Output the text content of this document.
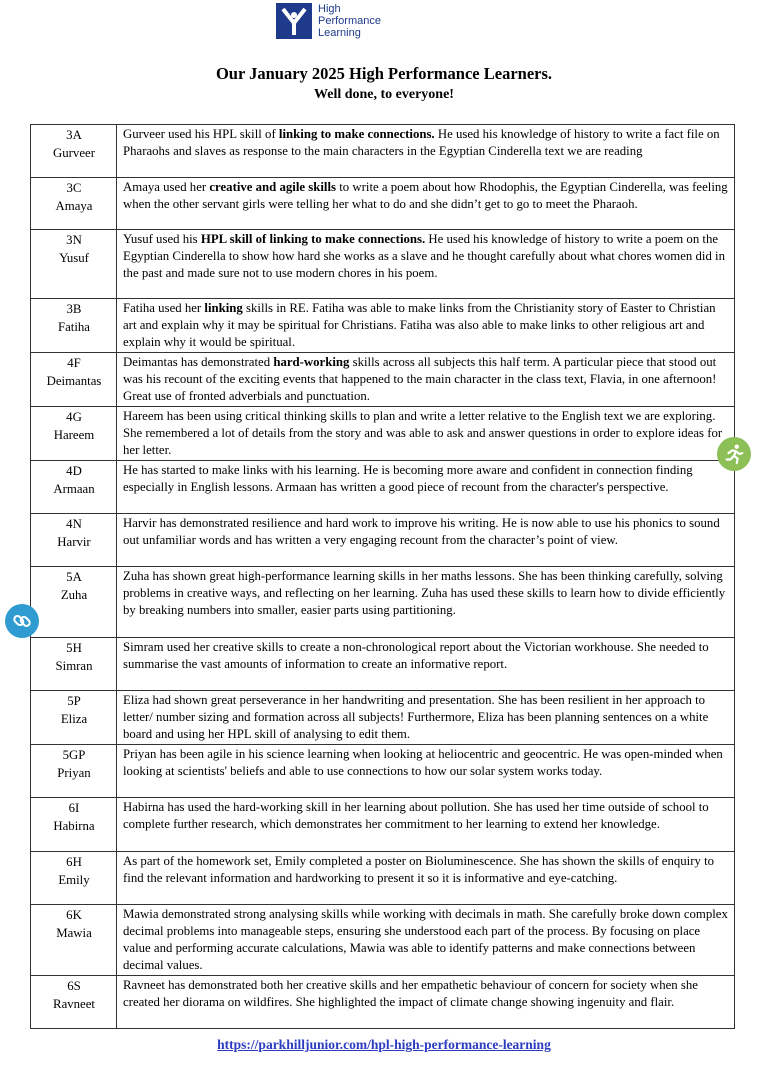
High
Performance
Learning
Our January 2025 High Performance Learners.
Well done, to everyone!
3A
Gurveer	Gurveer used his HPL skill of linking to make connections. He used his knowledge of history to write a fact file on Pharaohs and slaves as response to the main characters in the Egyptian Cinderella text we are reading

3C
Amaya	Amaya used her creative and agile skills to write a poem about how Rhodophis, the Egyptian Cinderella, was feeling when the other servant girls were telling her what to do and she didn’t get to go to meet the Pharaoh.

3N
Yusuf	Yusuf used his HPL skill of linking to make connections. He used his knowledge of history to write a poem on the Egyptian Cinderella to show how hard she works as a slave and he thought carefully about what chores women did in the past and made sure not to use modern chores in his poem.

3B
Fatiha	Fatiha used her linking skills in RE. Fatiha was able to make links from the Christianity story of Easter to Christian art and explain why it may be spiritual for Christians. Fatiha was also able to make links to other religious art and explain why it would be spiritual.

4F
Deimantas	Deimantas has demonstrated hard-working skills across all subjects this half term. A particular piece that stood out was his recount of the exciting events that happened to the main character in the class text, Flavia, in one afternoon! Great use of fronted adverbials and punctuation.

4G
Hareem	Hareem has been using critical thinking skills to plan and write a letter relative to the English text we are exploring. She remembered a lot of details from the story and was able to ask and answer questions in order to explore ideas for her letter.

4D
Armaan	He has started to make links with his learning. He is becoming more aware and confident in connection finding especially in English lessons. Armaan has written a good piece of recount from the character's perspective.

4N
Harvir	Harvir has demonstrated resilience and hard work to improve his writing. He is now able to use his phonics to sound out unfamiliar words and has written a very engaging recount from the character’s point of view.

5A
Zuha	Zuha has shown great high-performance learning skills in her maths lessons. She has been thinking carefully, solving problems in creative ways, and reflecting on her learning. Zuha has used these skills to learn how to divide efficiently by breaking numbers into smaller, easier parts using partitioning.

5H
Simran	Simram used her creative skills to create a non-chronological report about the Victorian workhouse. She needed to summarise the vast amounts of information to create an informative report.

5P
Eliza	Eliza had shown great perseverance in her handwriting and presentation. She has been resilient in her approach to letter/ number sizing and formation across all subjects! Furthermore, Eliza has been planning sentences on a white board and using her HPL skill of analysing to edit them.

5GP
Priyan	Priyan has been agile in his science learning when looking at heliocentric and geocentric. He was open-minded when looking at scientists' beliefs and able to use connections to how our solar system works today.

6I
Habirna	Habirna has used the hard-working skill in her learning about pollution. She has used her time outside of school to complete further research, which demonstrates her commitment to her learning to extend her knowledge.

6H
Emily	As part of the homework set, Emily completed a poster on Bioluminescence. She has shown the skills of enquiry to find the relevant information and hardworking to present it so it is informative and eye-catching.

6K
Mawia	Mawia demonstrated strong analysing skills while working with decimals in math. She carefully broke down complex decimal problems into manageable steps, ensuring she understood each part of the process. By focusing on place value and performing accurate calculations, Mawia was able to identify patterns and make connections between decimal values.

6S
Ravneet	Ravneet has demonstrated both her creative skills and her empathetic behaviour of concern for society when she created her diorama on wildfires. She highlighted the impact of climate change showing ingenuity and flair.
https://parkhilljunior.com/hpl-high-performance-learning
